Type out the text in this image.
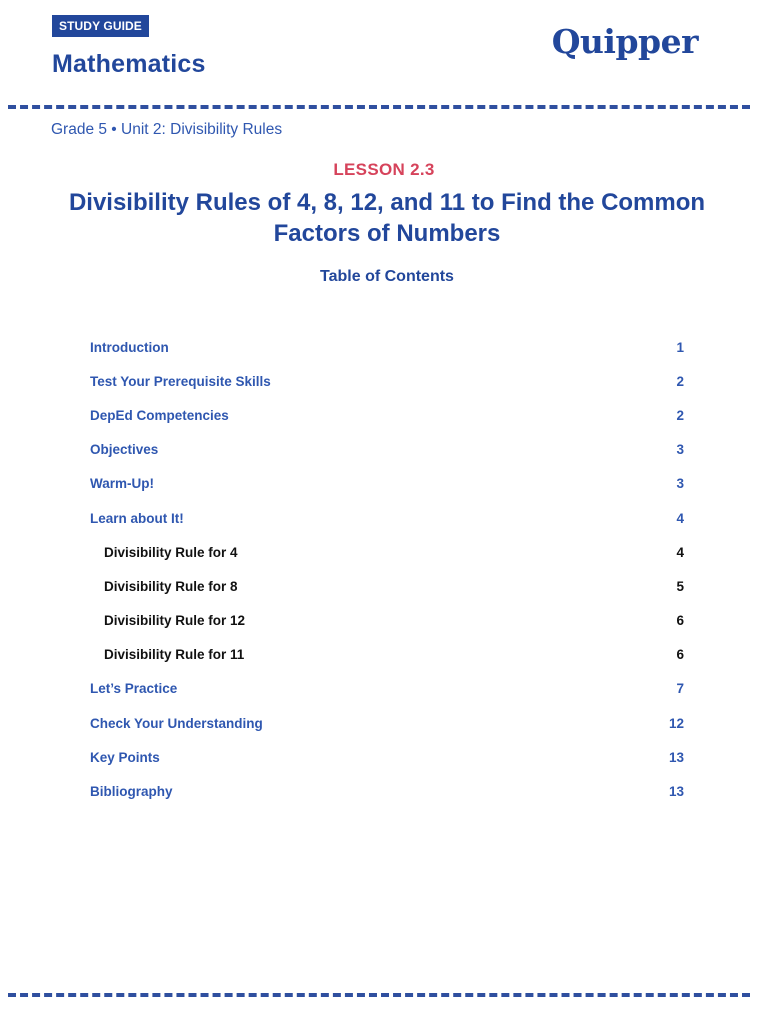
STUDY GUIDE
Mathematics
Quipper
Grade 5 • Unit 2: Divisibility Rules
LESSON 2.3
Divisibility Rules of 4, 8, 12, and 11 to Find the Common Factors of Numbers
Table of Contents
Introduction	1
Test Your Prerequisite Skills	2
DepEd Competencies	2
Objectives	3
Warm-Up!	3
Learn about It!	4
Divisibility Rule for 4	4
Divisibility Rule for 8	5
Divisibility Rule for 12	6
Divisibility Rule for 11	6
Let’s Practice	7
Check Your Understanding	12
Key Points	13
Bibliography	13
